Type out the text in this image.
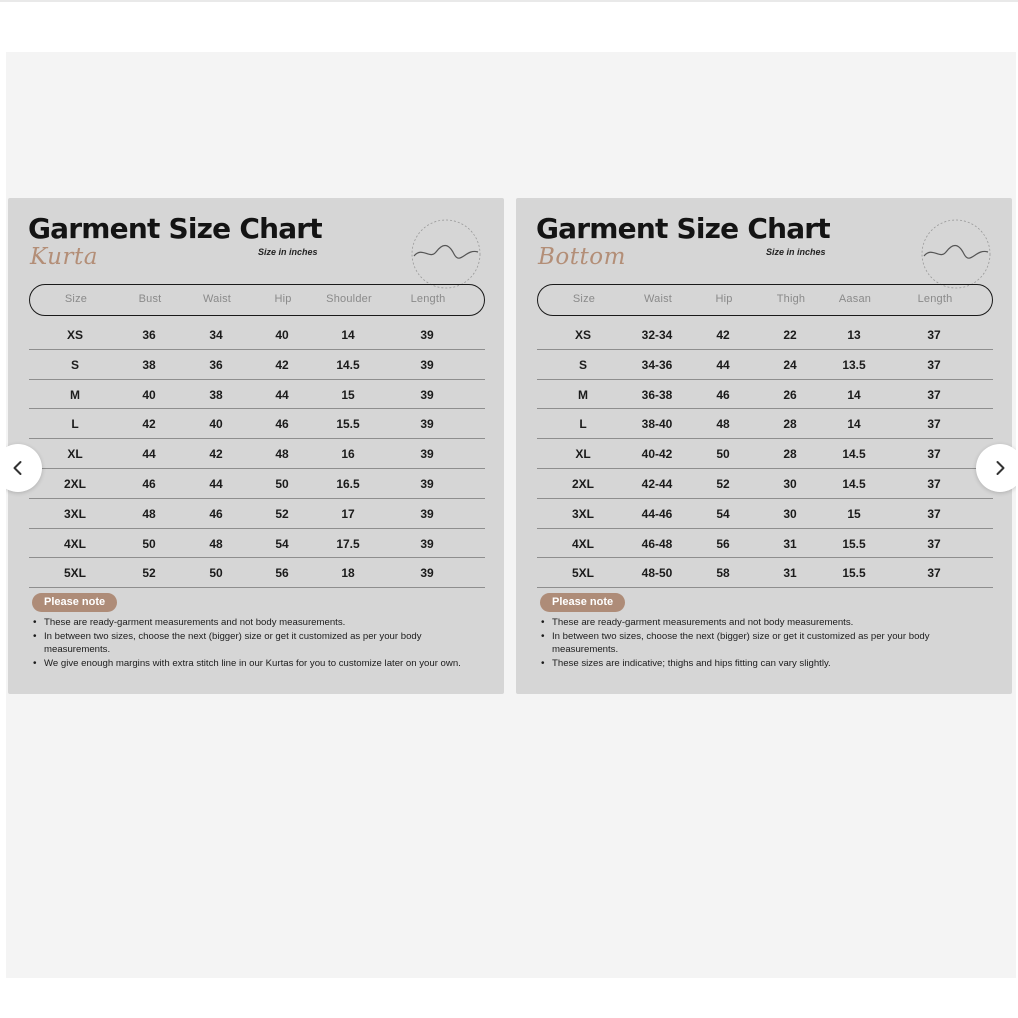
Garment Size Chart
Kurta	Size in inches
Size	Bust	Waist	Hip	Shoulder	Length
XS	36	34	40	14	39
S	38	36	42	14.5	39
M	40	38	44	15	39
L	42	40	46	15.5	39
XL	44	42	48	16	39
2XL	46	44	50	16.5	39
3XL	48	46	52	17	39
4XL	50	48	54	17.5	39
5XL	52	50	56	18	39
Please note
• These are ready-garment measurements and not body measurements.
• In between two sizes, choose the next (bigger) size or get it customized as per your body measurements.
• We give enough margins with extra stitch line in our Kurtas for you to customize later on your own.
Garment Size Chart
Bottom	Size in inches
Size	Waist	Hip	Thigh	Aasan	Length
XS	32-34	42	22	13	37
S	34-36	44	24	13.5	37
M	36-38	46	26	14	37
L	38-40	48	28	14	37
XL	40-42	50	28	14.5	37
2XL	42-44	52	30	14.5	37
3XL	44-46	54	30	15	37
4XL	46-48	56	31	15.5	37
5XL	48-50	58	31	15.5	37
Please note
• These are ready-garment measurements and not body measurements.
• In between two sizes, choose the next (bigger) size or get it customized as per your body measurements.
• These sizes are indicative; thighs and hips fitting can vary slightly.
